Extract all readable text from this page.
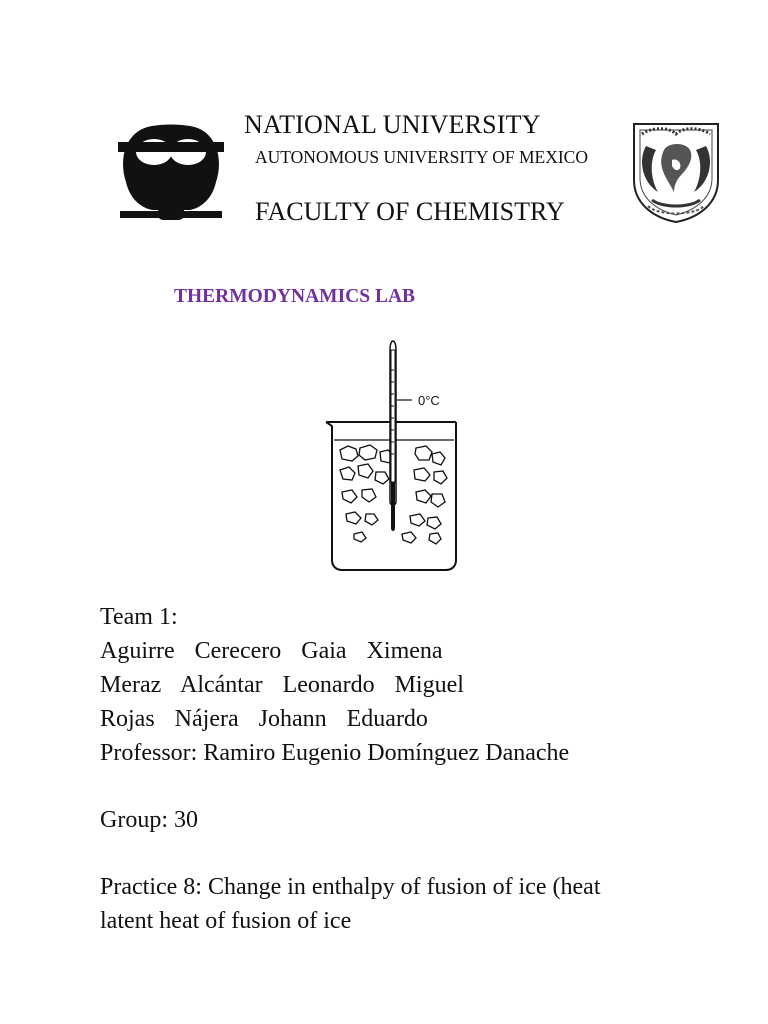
NATIONAL UNIVERSITY
AUTONOMOUS UNIVERSITY OF MEXICO
FACULTY OF CHEMISTRY
THERMODYNAMICS LAB
0°C
Team 1:
Aguirre Cerecero Gaia Ximena
Meraz Alcántar Leonardo Miguel
Rojas Nájera Johann Eduardo
Professor: Ramiro Eugenio Domínguez Danache
Group: 30
Practice 8: Change in enthalpy of fusion of ice (heat
latent heat of fusion of ice
